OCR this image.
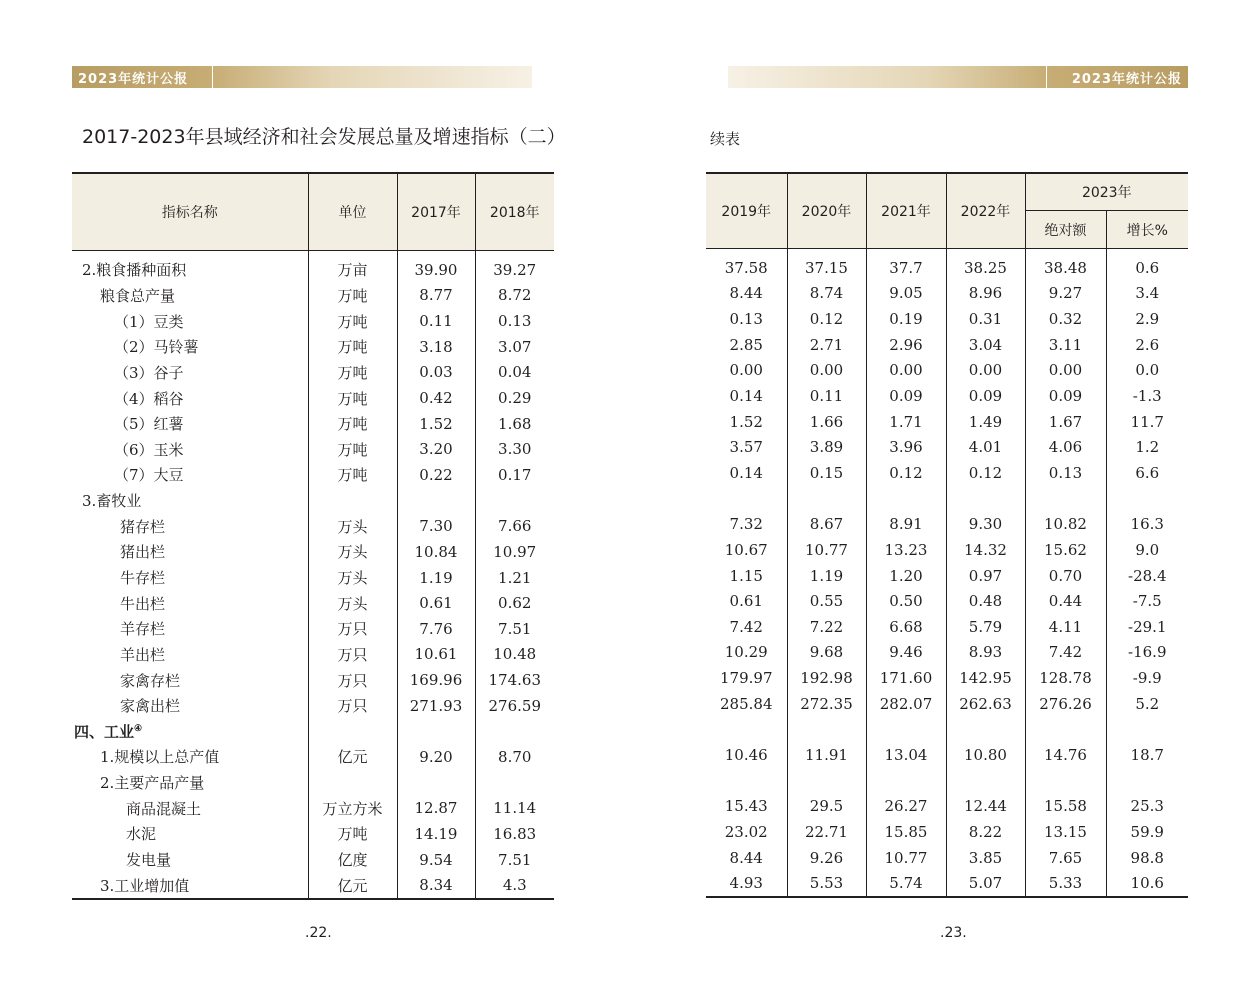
2023年统计公报	2023年统计公报
2017-2023年县域经济和社会发展总量及增速指标（二）	续表
指标名称	单位	2017年	2018年
2.粮食播种面积	万亩	39.90	39.27
粮食总产量	万吨	8.77	8.72
（1）豆类	万吨	0.11	0.13
（2）马铃薯	万吨	3.18	3.07
（3）谷子	万吨	0.03	0.04
（4）稻谷	万吨	0.42	0.29
（5）红薯	万吨	1.52	1.68
（6）玉米	万吨	3.20	3.30
（7）大豆	万吨	0.22	0.17
3.畜牧业			
猪存栏	万头	7.30	7.66
猪出栏	万头	10.84	10.97
牛存栏	万头	1.19	1.21
牛出栏	万头	0.61	0.62
羊存栏	万只	7.76	7.51
羊出栏	万只	10.61	10.48
家禽存栏	万只	169.96	174.63
家禽出栏	万只	271.93	276.59
四、工业④			
1.规模以上总产值	亿元	9.20	8.70
2.主要产品产量			
商品混凝土	万立方米	12.87	11.14
水泥	万吨	14.19	16.83
发电量	亿度	9.54	7.51
3.工业增加值	亿元	8.34	4.3
2019年	2020年	2021年	2022年	2023年	
				绝对额	增长%
37.58	37.15	37.7	38.25	38.48	0.6
8.44	8.74	9.05	8.96	9.27	3.4
0.13	0.12	0.19	0.31	0.32	2.9
2.85	2.71	2.96	3.04	3.11	2.6
0.00	0.00	0.00	0.00	0.00	0.0
0.14	0.11	0.09	0.09	0.09	-1.3
1.52	1.66	1.71	1.49	1.67	11.7
3.57	3.89	3.96	4.01	4.06	1.2
0.14	0.15	0.12	0.12	0.13	6.6

7.32	8.67	8.91	9.30	10.82	16.3
10.67	10.77	13.23	14.32	15.62	9.0
1.15	1.19	1.20	0.97	0.70	-28.4
0.61	0.55	0.50	0.48	0.44	-7.5
7.42	7.22	6.68	5.79	4.11	-29.1
10.29	9.68	9.46	8.93	7.42	-16.9
179.97	192.98	171.60	142.95	128.78	-9.9
285.84	272.35	282.07	262.63	276.26	5.2

10.46	11.91	13.04	10.80	14.76	18.7

15.43	29.5	26.27	12.44	15.58	25.3
23.02	22.71	15.85	8.22	13.15	59.9
8.44	9.26	10.77	3.85	7.65	98.8
4.93	5.53	5.74	5.07	5.33	10.6
.22.	.23.
